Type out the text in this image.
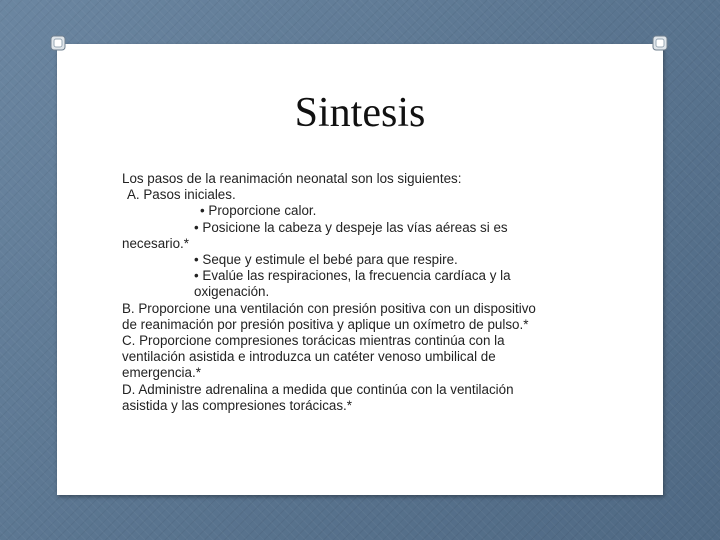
Sintesis
Los pasos de la reanimación neonatal son los siguientes:
A. Pasos iniciales.
• Proporcione calor.
• Posicione la cabeza y despeje las vías aéreas si es
necesario.*
• Seque y estimule el bebé para que respire.
• Evalúe las respiraciones, la frecuencia cardíaca y la
oxigenación.
B. Proporcione una ventilación con presión positiva con un dispositivo
de reanimación por presión positiva y aplique un oxímetro de pulso.*
C. Proporcione compresiones torácicas mientras continúa con la
ventilación asistida e introduzca un catéter venoso umbilical de
emergencia.*
D. Administre adrenalina a medida que continúa con la ventilación
asistida y las compresiones torácicas.*
